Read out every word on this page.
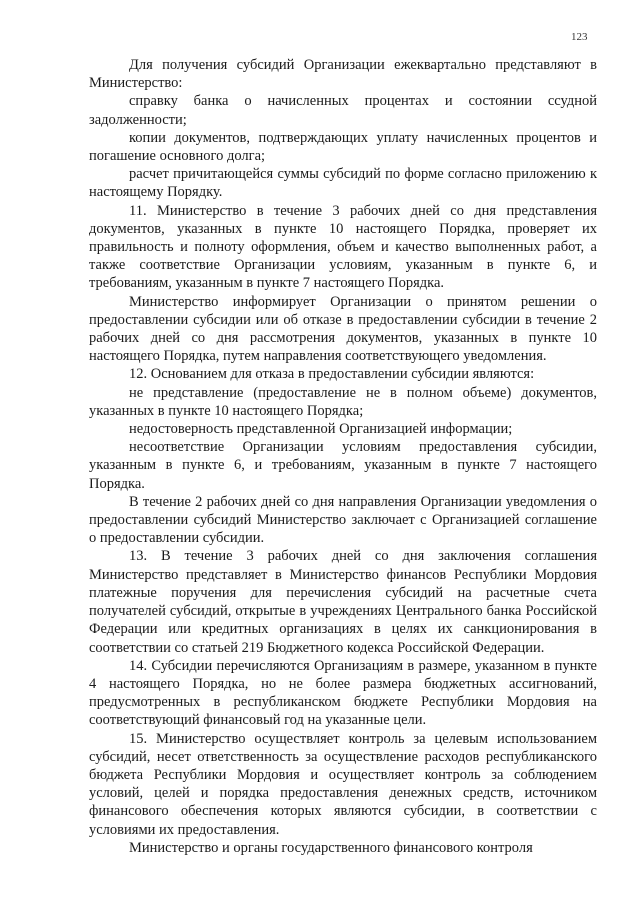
123

Для получения субсидий Организации ежеквартально представляют в Министерство:

справку банка о начисленных процентах и состоянии ссудной задолженности;

копии документов, подтверждающих уплату начисленных процентов и погашение основного долга;

расчет причитающейся суммы субсидий по форме согласно приложению к настоящему Порядку.

11. Министерство в течение 3 рабочих дней со дня представления документов, указанных в пункте 10 настоящего Порядка, проверяет их правильность и полноту оформления, объем и качество выполненных работ, а также соответствие Организации условиям, указанным в пункте 6, и требованиям, указанным в пункте 7 настоящего Порядка.

Министерство информирует Организации о принятом решении о предоставлении субсидии или об отказе в предоставлении субсидии в течение 2 рабочих дней со дня рассмотрения документов, указанных в пункте 10 настоящего Порядка, путем направления соответствующего уведомления.

12. Основанием для отказа в предоставлении субсидии являются:

не представление (предоставление не в полном объеме) документов, указанных в пункте 10 настоящего Порядка;

недостоверность представленной Организацией информации;

несоответствие Организации условиям предоставления субсидии, указанным в пункте 6, и требованиям, указанным в пункте 7 настоящего Порядка.

В течение 2 рабочих дней со дня направления Организации уведомления о предоставлении субсидий Министерство заключает с Организацией соглашение о предоставлении субсидии.

13. В течение 3 рабочих дней со дня заключения соглашения Министерство представляет в Министерство финансов Республики Мордовия платежные поручения для перечисления субсидий на расчетные счета получателей субсидий, открытые в учреждениях Центрального банка Российской Федерации или кредитных организациях в целях их санкционирования в соответствии со статьей 219 Бюджетного кодекса Российской Федерации.

14. Субсидии перечисляются Организациям в размере, указанном в пункте 4 настоящего Порядка, но не более размера бюджетных ассигнований, предусмотренных в республиканском бюджете Республики Мордовия на соответствующий финансовый год на указанные цели.

15. Министерство осуществляет контроль за целевым использованием субсидий, несет ответственность за осуществление расходов республиканского бюджета Республики Мордовия и осуществляет контроль за соблюдением условий, целей и порядка предоставления денежных средств, источником финансового обеспечения которых являются субсидии, в соответствии с условиями их предоставления.

Министерство и органы государственного финансового контроля
